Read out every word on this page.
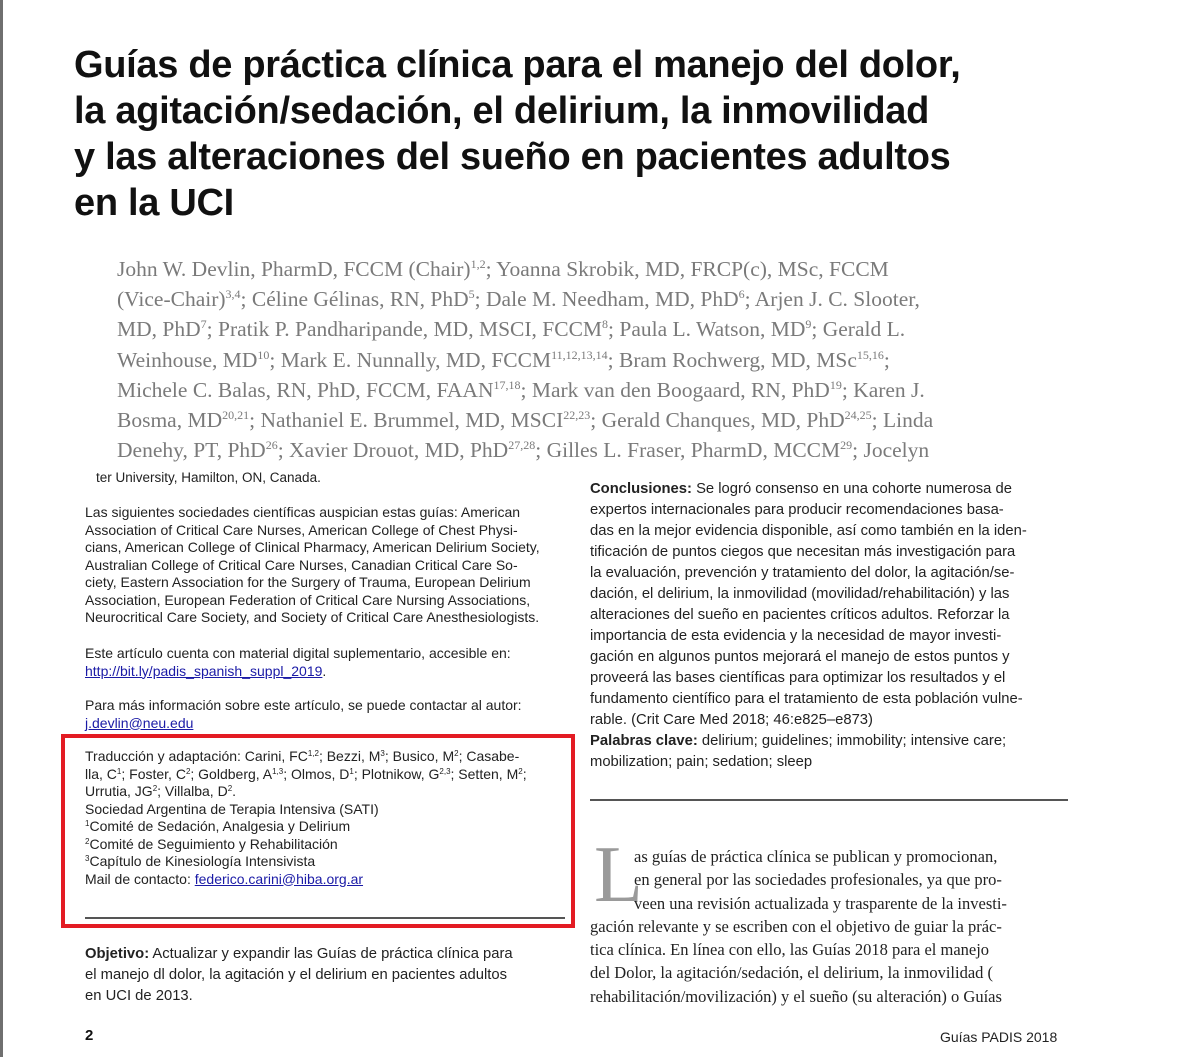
Guías de práctica clínica para el manejo del dolor,
la agitación/sedación, el delirium, la inmovilidad
y las alteraciones del sueño en pacientes adultos
en la UCI
John W. Devlin, PharmD, FCCM (Chair)$^{1,2}$; Yoanna Skrobik, MD, FRCP(c), MSc, FCCM
(Vice-Chair)$^{3,4}$; Céline Gélinas, RN, PhD$^5$; Dale M. Needham, MD, PhD$^6$; Arjen J. C. Slooter,
MD, PhD$^7$; Pratik P. Pandharipande, MD, MSCI, FCCM$^8$; Paula L. Watson, $MD^9$; Gerald L.
Weinhouse, MD$^{10}$; Mark E. Nunnally, MD, FCCM$^{11,12,13,14}$; Bram Rochwerg, MD, MSc$^{15,16}$;
Michele C. Balas, RN, PhD, FCCM, FAAN$^{17,18}$; Mark van den Boogaard, RN, PhD$^{19}$; Karen J.
Bosma, MD$^{20,21}$; Nathaniel E. Brummel, MD, MSCI$^{22,23}$; Gerald Chanques, MD, PhD$^{24,25}$; Linda
Denehy, PT, PhD$^{26}$; Xavier Drouot, MD, PhD$^{27,28}$; Gilles L. Fraser, PharmD, MCCM$^{29}$; Jocelyn
ter University, Hamilton, ON, Canada.
Las siguientes sociedades científicas auspician estas guías: American
Association of Critical Care Nurses, American College of Chest Physi-
cians, American College of Clinical Pharmacy, American Delirium Society,
Australian College of Critical Care Nurses, Canadian Critical Care So-
ciety, Eastern Association for the Surgery of Trauma, European Delirium
Association, European Federation of Critical Care Nursing Associations,
Neurocritical Care Society, and Society of Critical Care Anesthesiologists.
Este artículo cuenta con material digital suplementario, accesible en:
http://bit.ly/padis_spanish_suppl_2019.
Para más información sobre este artículo, se puede contactar al autor:
j.devlin@neu.edu
Traducción y adaptación: Carini, FC$^{1,2}$; Bezzi, $M^3$; Busico, $M^2$; Casabe-
lla, $C^1$; Foster, $C^2$; Goldberg, A$^{1,3}$; Olmos, $D^1$; Plotnikow, G$^{2,3}$; Setten, $M^2$;
Urrutia, $JG^2$; Villalba, $D^2$.
Sociedad Argentina de Terapia Intensiva (SATI)
$^1$Comité de Sedación, Analgesia y Delirium
$^2$Comité de Seguimiento y Rehabilitación
$^3$Capítulo de Kinesiología Intensivista
Mail de contacto: federico.carini@hiba.org.ar
Objetivo: Actualizar y expandir las Guías de práctica clínica para
el manejo dl dolor, la agitación y el delirium en pacientes adultos
en UCI de 2013.
Conclusiones: Se logró consenso en una cohorte numerosa de
expertos internacionales para producir recomendaciones basa-
das en la mejor evidencia disponible, así como también en la iden-
tificación de puntos ciegos que necesitan más investigación para
la evaluación, prevención y tratamiento del dolor, la agitación/se-
dación, el delirium, la inmovilidad (movilidad/rehabilitación) y las
alteraciones del sueño en pacientes críticos adultos. Reforzar la
importancia de esta evidencia y la necesidad de mayor investi-
gación en algunos puntos mejorará el manejo de estos puntos y
proveerá las bases científicas para optimizar los resultados y el
fundamento científico para el tratamiento de esta población vulne-
rable. (Crit Care Med 2018; 46:e825–e873)
Palabras clave: delirium; guidelines; immobility; intensive care;
mobilization; pain; sedation; sleep
L
as guías de práctica clínica se publican y promocionan,
en general por las sociedades profesionales, ya que pro-
veen una revisión actualizada y trasparente de la investi-
gación relevante y se escriben con el objetivo de guiar la prác-
tica clínica. En línea con ello, las Guías 2018 para el manejo
del Dolor, la agitación/sedación, el delirium, la inmovilidad (
rehabilitación/movilización) y el sueño (su alteración) o Guías
2	Guías PADIS 2018
